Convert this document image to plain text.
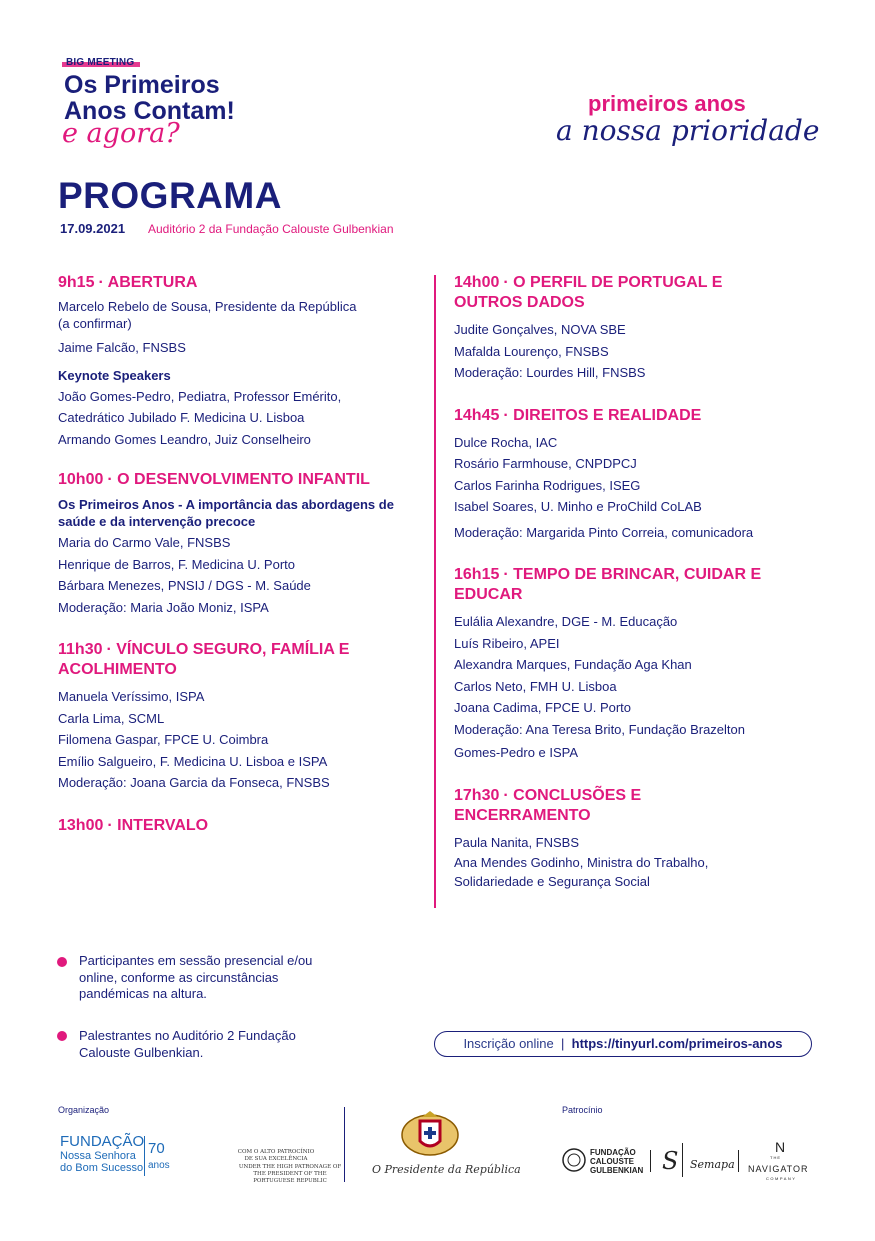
BIG MEETING
Os Primeiros
Anos Contam!
e agora?
primeiros anos
a nossa prioridade
PROGRAMA
17.09.2021 Auditório 2 da Fundação Calouste Gulbenkian
9h15 · ABERTURA
Marcelo Rebelo de Sousa, Presidente da República
(a confirmar)
Jaime Falcão, FNSBS
Keynote Speakers
João Gomes-Pedro, Pediatra, Professor Emérito,
Catedrático Jubilado F. Medicina U. Lisboa
Armando Gomes Leandro, Juiz Conselheiro
10h00 · O DESENVOLVIMENTO INFANTIL
Os Primeiros Anos - A importância das abordagens de saúde e da intervenção precoce
Maria do Carmo Vale, FNSBS
Henrique de Barros, F. Medicina U. Porto
Bárbara Menezes, PNSIJ / DGS - M. Saúde
Moderação: Maria João Moniz, ISPA
11h30 · VÍNCULO SEGURO, FAMÍLIA E ACOLHIMENTO
Manuela Veríssimo, ISPA
Carla Lima, SCML
Filomena Gaspar, FPCE U. Coimbra
Emílio Salgueiro, F. Medicina U. Lisboa e ISPA
Moderação: Joana Garcia da Fonseca, FNSBS
13h00 · INTERVALO
14h00 · O PERFIL DE PORTUGAL E OUTROS DADOS
Judite Gonçalves, NOVA SBE
Mafalda Lourenço, FNSBS
Moderação: Lourdes Hill, FNSBS
14h45 · DIREITOS E REALIDADE
Dulce Rocha, IAC
Rosário Farmhouse, CNPDPCJ
Carlos Farinha Rodrigues, ISEG
Isabel Soares, U. Minho e ProChild CoLAB
Moderação: Margarida Pinto Correia, comunicadora
16h15 · TEMPO DE BRINCAR, CUIDAR E EDUCAR
Eulália Alexandre, DGE - M. Educação
Luís Ribeiro, APEI
Alexandra Marques, Fundação Aga Khan
Carlos Neto, FMH U. Lisboa
Joana Cadima, FPCE U. Porto
Moderação: Ana Teresa Brito, Fundação Brazelton
Gomes-Pedro e ISPA
17h30 · CONCLUSÕES E ENCERRAMENTO
Paula Nanita, FNSBS
Ana Mendes Godinho, Ministra do Trabalho,
Solidariedade e Segurança Social
Participantes em sessão presencial e/ou online, conforme as circunstâncias pandémicas na altura.
Palestrantes no Auditório 2 Fundação Calouste Gulbenkian.
Inscrição online | https://tinyurl.com/primeiros-anos
Organização	Patrocínio
FUNDAÇÃO
Nossa Senhora
do Bom Sucesso
70
anos
COM O ALTO PATROCÍNIO DE SUA EXCELÊNCIA
UNDER THE HIGH PATRONAGE OF THE PRESIDENT OF THE PORTUGUESE REPUBLIC
O Presidente da República
FUNDAÇÃO
CALOUSTE
GULBENKIAN S Semapa
N
THE
NAVIGATOR
COMPANY
